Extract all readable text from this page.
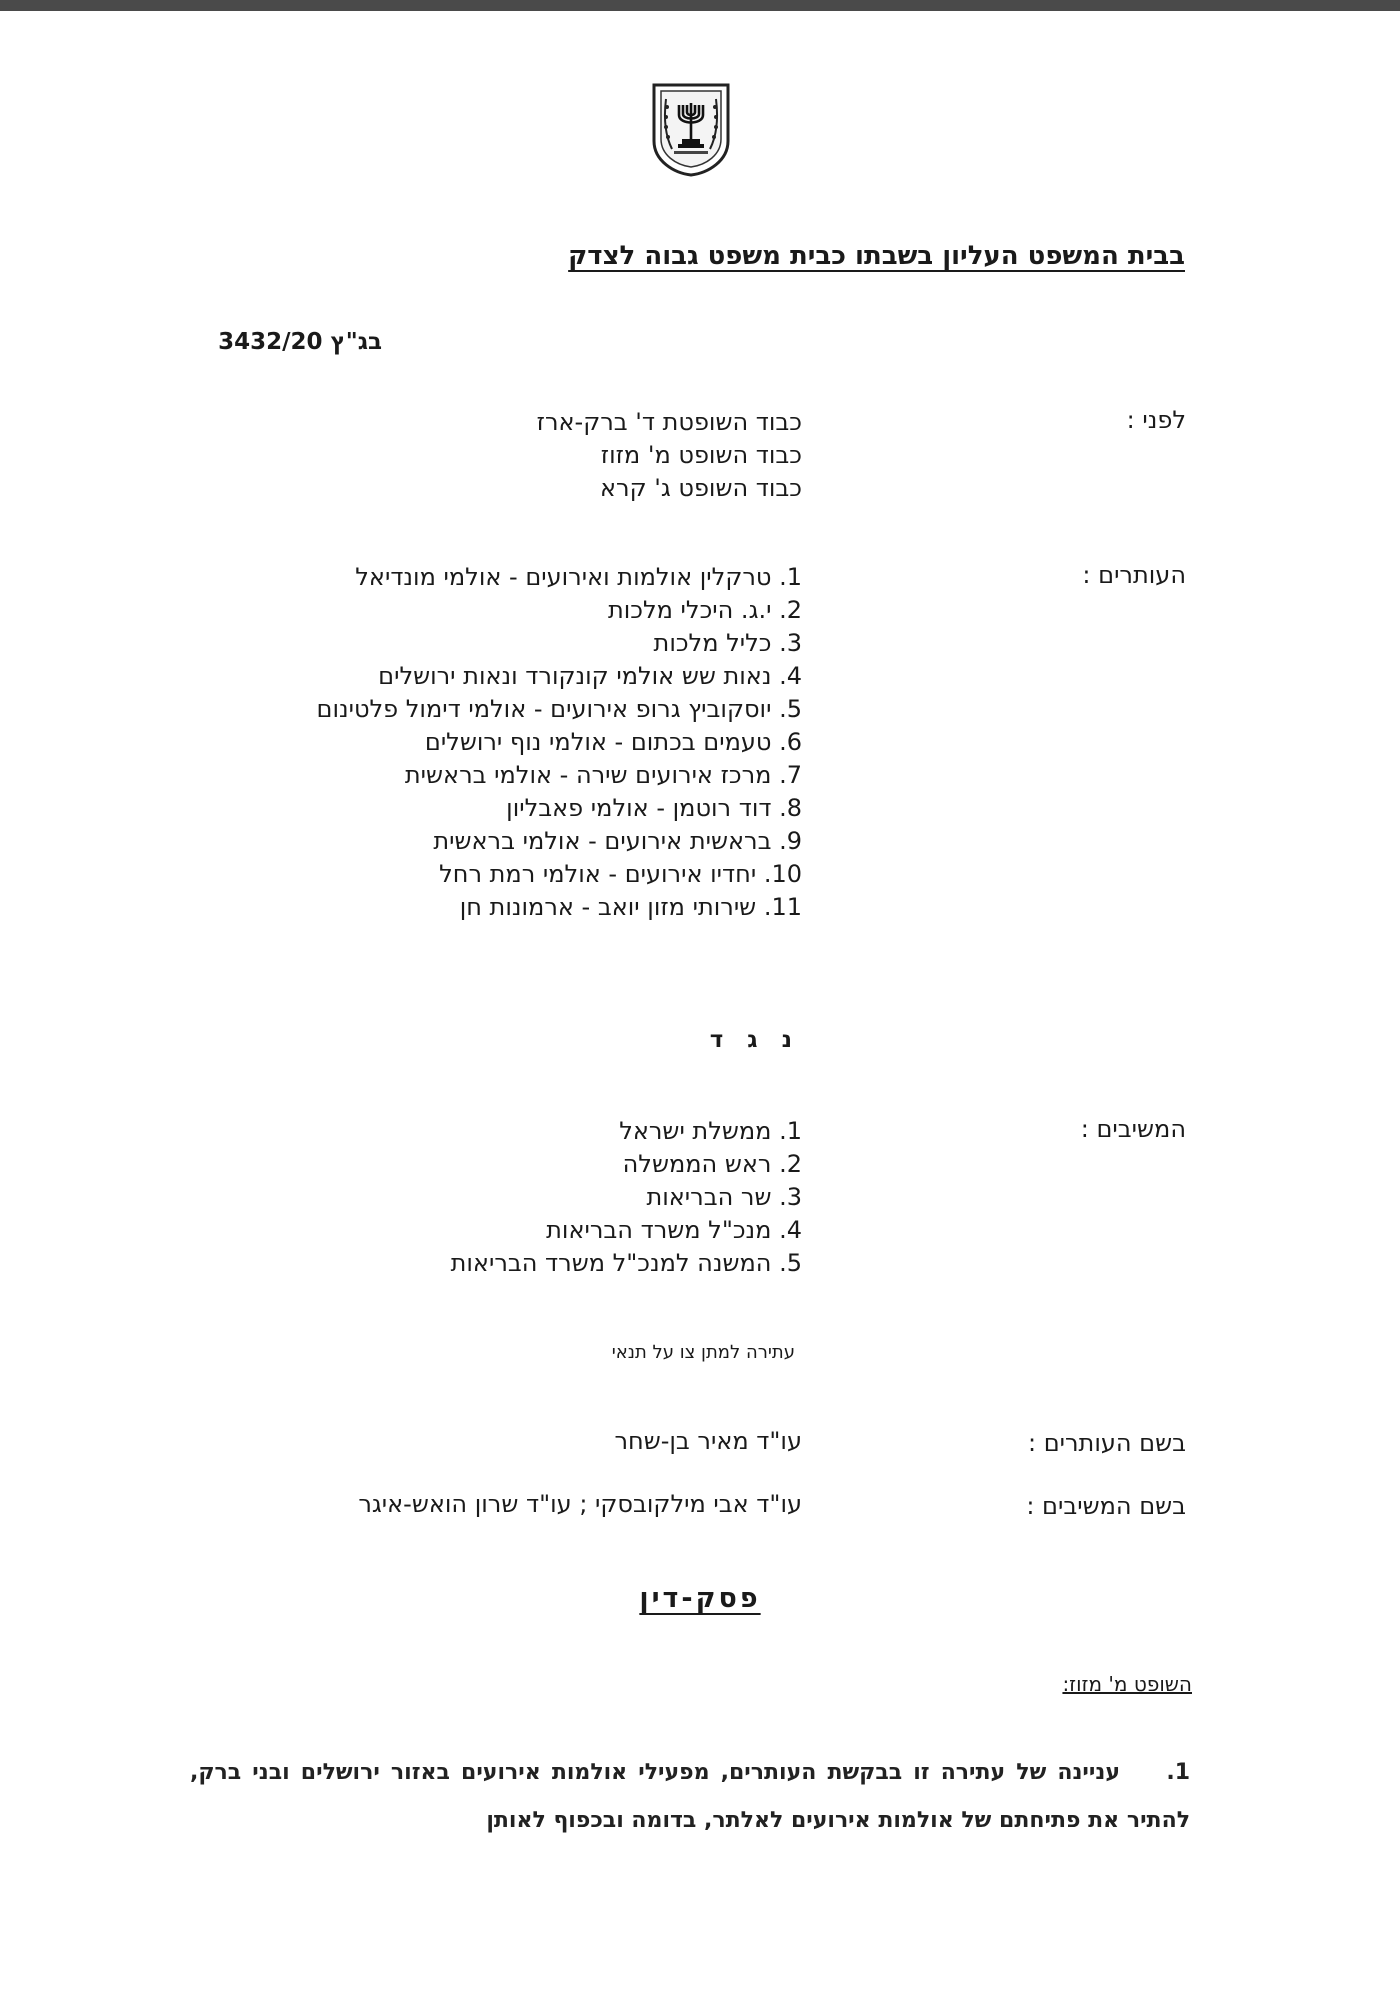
בבית המשפט העליון בשבתו כבית משפט גבוה לצדק
בג"ץ 3432/20
לפני :
כבוד השופטת ד' ברק-ארז
כבוד השופט מ' מזוז
כבוד השופט ג' קרא
העותרים :
1. טרקלין אולמות ואירועים - אולמי מונדיאל
2. י.ג. היכלי מלכות
3. כליל מלכות
4. נאות שש אולמי קונקורד ונאות ירושלים
5. יוסקוביץ גרופ אירועים - אולמי דימול פלטינום
6. טעמים בכתום - אולמי נוף ירושלים
7. מרכז אירועים שירה - אולמי בראשית
8. דוד רוטמן - אולמי פאבליון
9. בראשית אירועים - אולמי בראשית
10. יחדיו אירועים - אולמי רמת רחל
11. שירותי מזון יואב - ארמונות חן
נ ג ד
המשיבים :
1. ממשלת ישראל
2. ראש הממשלה
3. שר הבריאות
4. מנכ"ל משרד הבריאות
5. המשנה למנכ"ל משרד הבריאות
עתירה למתן צו על תנאי
בשם העותרים :
עו"ד מאיר בן-שחר
בשם המשיבים :
עו"ד אבי מילקובסקי ; עו"ד שרון הואש-איגר
פסק-דין
השופט מ' מזוז:
1.עניינה של עתירה זו בבקשת העותרים, מפעילי אולמות אירועים באזור ירושלים ובני ברק, להתיר את פתיחתם של אולמות אירועים לאלתר, בדומה ובכפוף לאותן
